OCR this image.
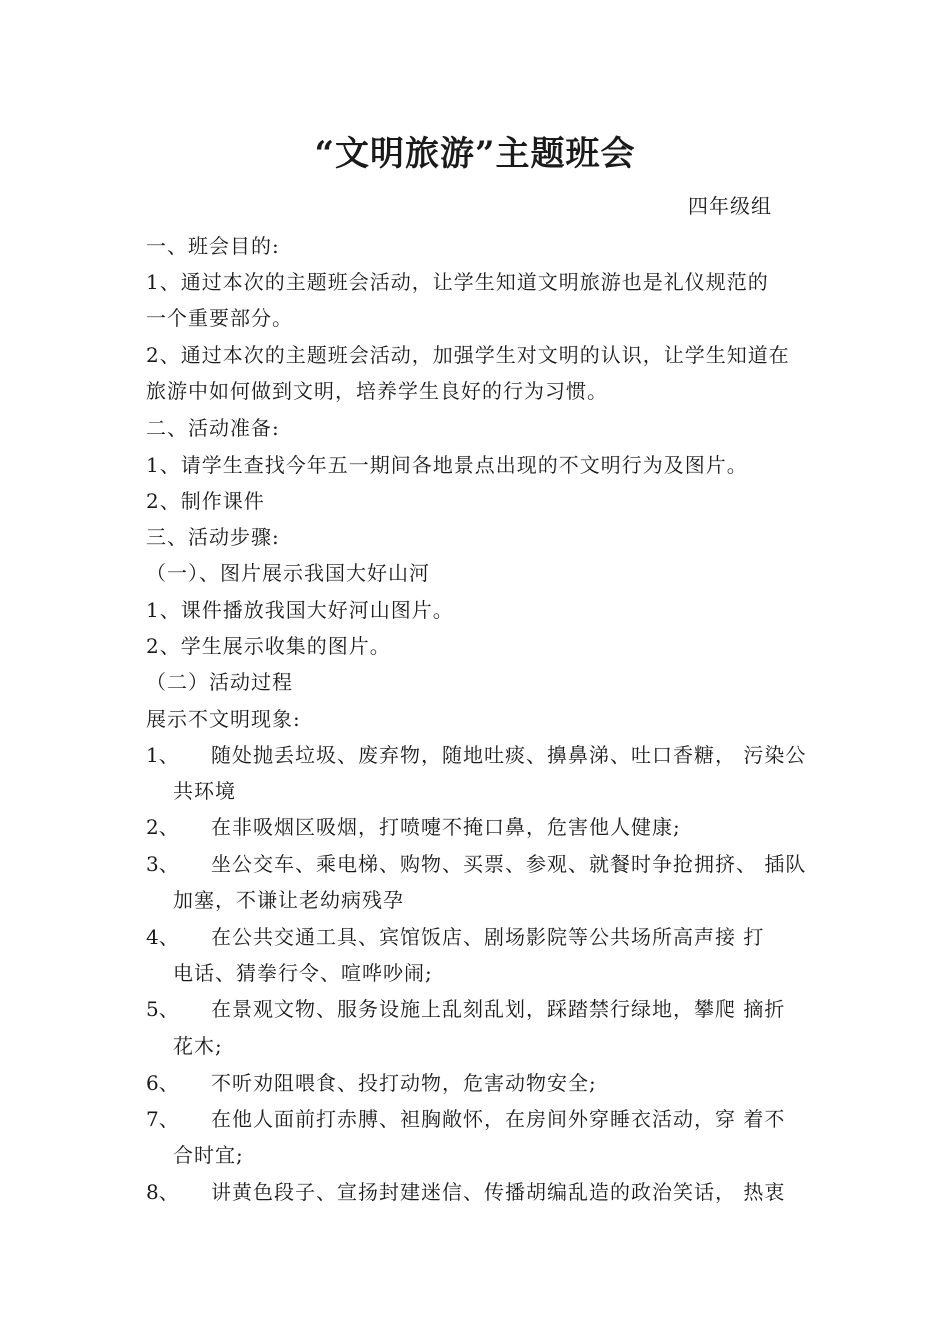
“文明旅游”主题班会
四年级组
一、班会目的:
1、通过本次的主题班会活动，让学生知道文明旅游也是礼仪规范的
一个重要部分。
2、通过本次的主题班会活动，加强学生对文明的认识，让学生知道在
旅游中如何做到文明，培养学生良好的行为习惯。
二、活动准备:
1、请学生查找今年五一期间各地景点出现的不文明行为及图片。
2、制作课件
三、活动步骤:
（一）、图片展示我国大好山河
1、课件播放我国大好河山图片。
2、学生展示收集的图片。
（二）活动过程
展示不文明现象:
1、 随处抛丢垃圾、废弃物，随地吐痰、擤鼻涕、吐口香糖， 污染公
共环境
2、 在非吸烟区吸烟，打喷嚏不掩口鼻，危害他人健康;
3、 坐公交车、乘电梯、购物、买票、参观、就餐时争抢拥挤、 插队
加塞，不谦让老幼病残孕
4、 在公共交通工具、宾馆饭店、剧场影院等公共场所高声接 打
电话、猜拳行令、喧哗吵闹;
5、 在景观文物、服务设施上乱刻乱划，踩踏禁行绿地，攀爬 摘折
花木;
6、 不听劝阻喂食、投打动物，危害动物安全;
7、 在他人面前打赤膊、袒胸敞怀，在房间外穿睡衣活动，穿 着不
合时宜;
8、 讲黄色段子、宣扬封建迷信、传播胡编乱造的政治笑话， 热衷
